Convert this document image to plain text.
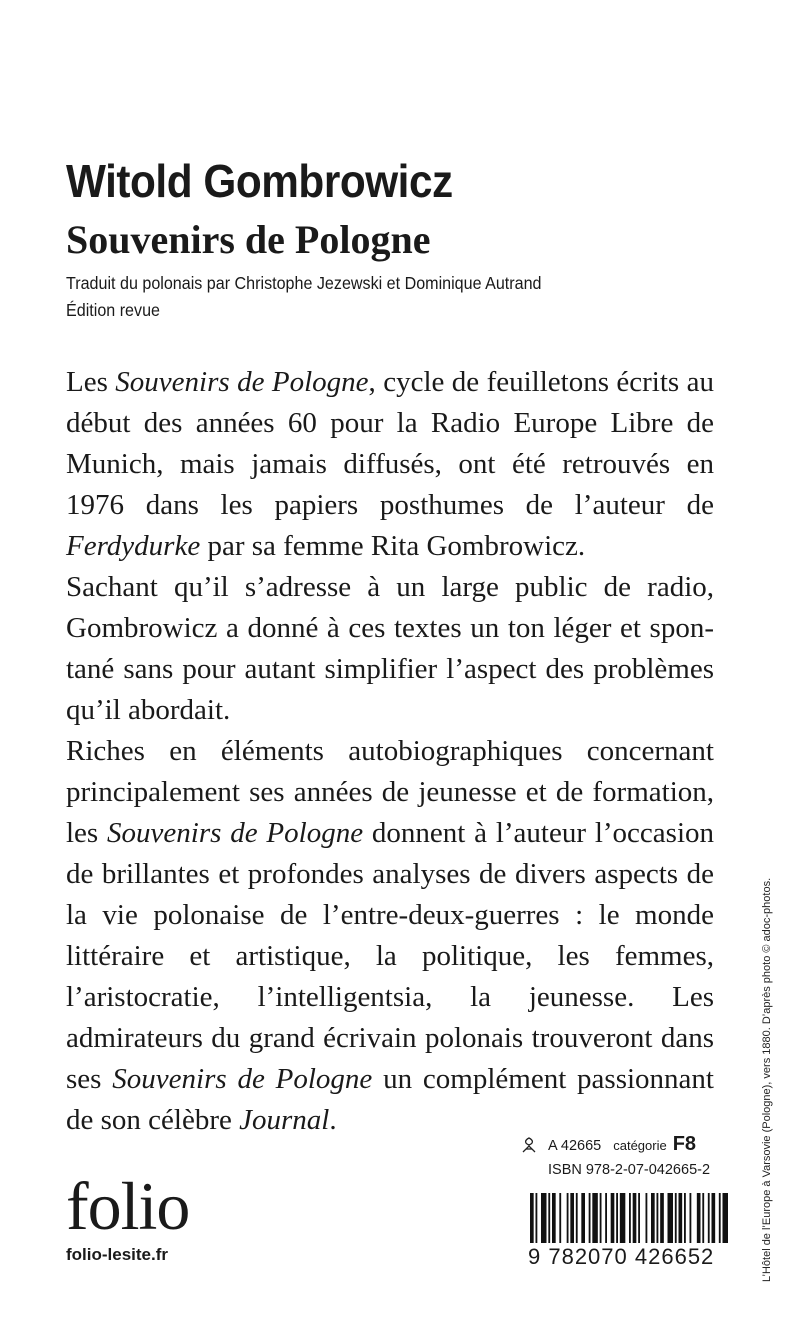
Witold Gombrowicz
Souvenirs de Pologne
Traduit du polonais par Christophe Jezewski et Dominique Autrand
Édition revue

Les Souvenirs de Pologne, cycle de feuilletons écrits au début des années 60 pour la Radio Europe Libre de Munich, mais jamais diffusés, ont été retrouvés en 1976 dans les papiers posthumes de l’auteur de Ferdydurke par sa femme Rita Gombrowicz.

Sachant qu’il s’adresse à un large public de radio, Gombrowicz a donné à ces textes un ton léger et spontané sans pour autant simplifier l’aspect des problèmes qu’il abordait.

Riches en éléments autobiographiques concernant principalement ses années de jeunesse et de formation, les Souvenirs de Pologne donnent à l’auteur l’occasion de brillantes et profondes analyses de divers aspects de la vie polonaise de l’entre-deux-guerres : le monde littéraire et artistique, la politique, les femmes, l’aristocratie, l’intelligentsia, la jeunesse. Les admirateurs du grand écrivain polonais trouveront dans ses Souvenirs de Pologne un complément passionnant de son célèbre Journal.

A 42665 catégorie F8
ISBN 978-2-07-042665-2
9 782070 426652
folio
folio-lesite.fr	L’Hôtel de l’Europe à Varsovie (Pologne), vers 1880. D’après photo © adoc-photos.
